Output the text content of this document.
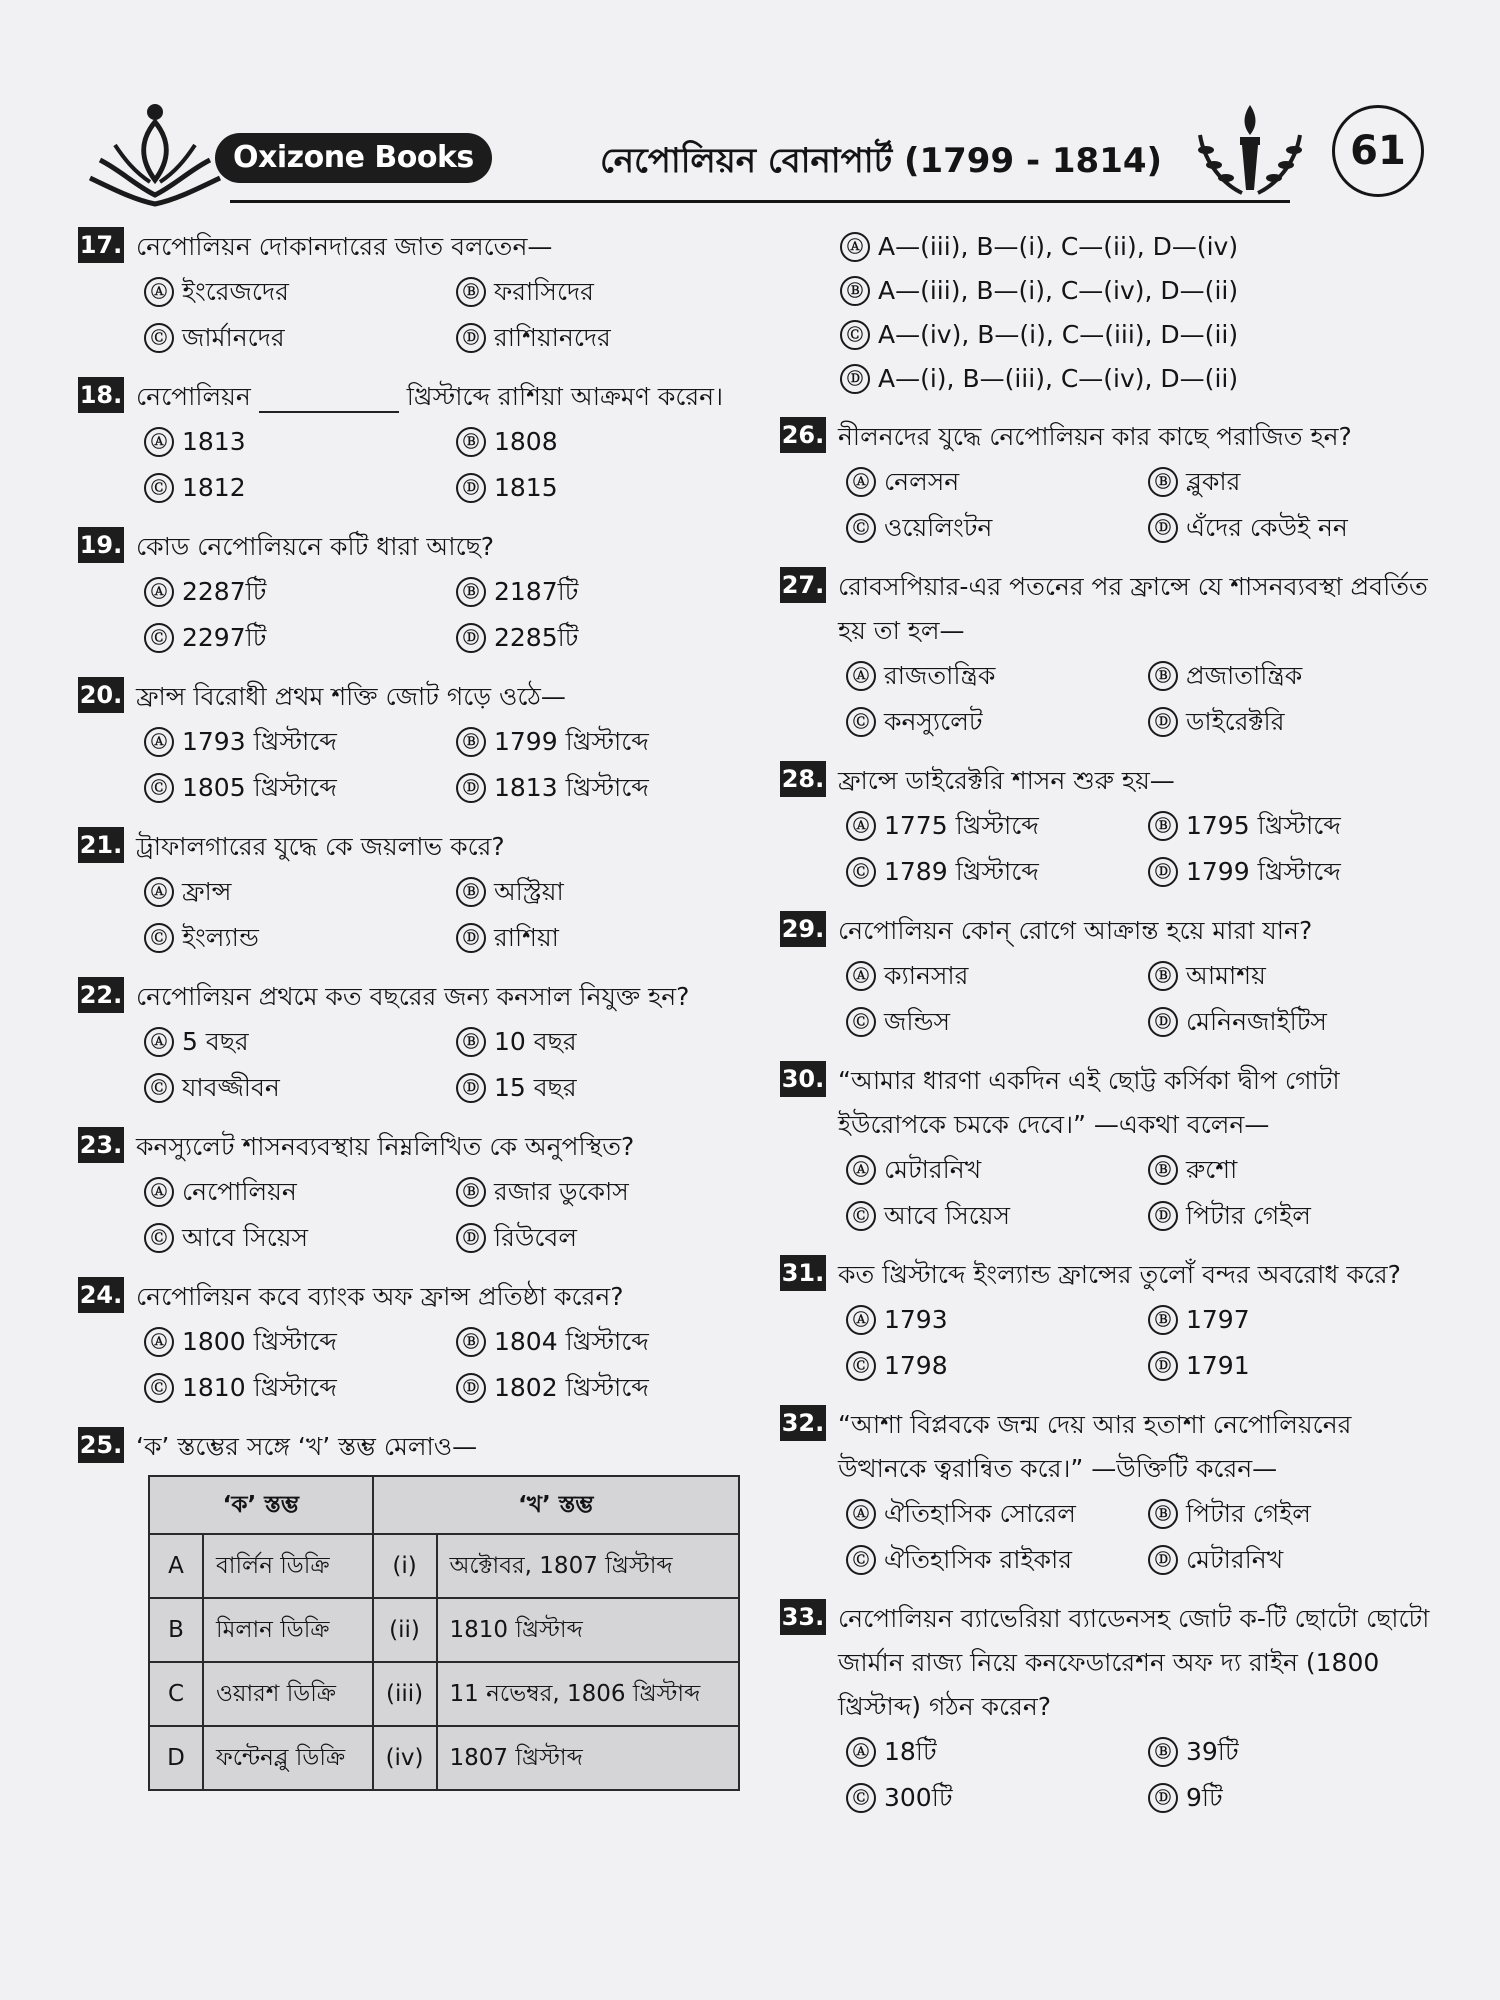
Oxizone Books	নেপোলিয়ন বোনাপার্ট (1799 - 1814)	61
17. নেপোলিয়ন দোকানদারের জাত বলতেন—
Ⓐ ইংরেজদের	Ⓑ ফরাসিদের
Ⓒ জার্মানদের	Ⓓ রাশিয়ানদের
18. নেপোলিয়ন	খ্রিস্টাব্দে রাশিয়া আক্রমণ করেন।
Ⓐ 1813	Ⓑ 1808
Ⓒ 1812	Ⓓ 1815
19. কোড নেপোলিয়নে কটি ধারা আছে?
Ⓐ 2287টি	Ⓑ 2187টি
Ⓒ 2297টি	Ⓓ 2285টি
20. ফ্রান্স বিরোধী প্রথম শক্তি জোট গড়ে ওঠে—
Ⓐ 1793 খ্রিস্টাব্দে	Ⓑ 1799 খ্রিস্টাব্দে
Ⓒ 1805 খ্রিস্টাব্দে	Ⓓ 1813 খ্রিস্টাব্দে
21. ট্রাফালগারের যুদ্ধে কে জয়লাভ করে?
Ⓐ ফ্রান্স	Ⓑ অস্ট্রিয়া
Ⓒ ইংল্যান্ড	Ⓓ রাশিয়া
22. নেপোলিয়ন প্রথমে কত বছরের জন্য কনসাল নিযুক্ত হন?
Ⓐ 5 বছর	Ⓑ 10 বছর
Ⓒ যাবজ্জীবন	Ⓓ 15 বছর
23. কনস্যুলেট শাসনব্যবস্থায় নিম্নলিখিত কে অনুপস্থিত?
Ⓐ নেপোলিয়ন	Ⓑ রজার ডুকোস
Ⓒ আবে সিয়েস	Ⓓ রিউবেল
24. নেপোলিয়ন কবে ব্যাংক অফ ফ্রান্স প্রতিষ্ঠা করেন?
Ⓐ 1800 খ্রিস্টাব্দে	Ⓑ 1804 খ্রিস্টাব্দে
Ⓒ 1810 খ্রিস্টাব্দে	Ⓓ 1802 খ্রিস্টাব্দে
25. ‘ক’ স্তম্ভের সঙ্গে ‘খ’ স্তম্ভ মেলাও—
‘ক’ স্তম্ভ		‘খ’ স্তম্ভ	
A	বার্লিন ডিক্রি	(i)	অক্টোবর, 1807 খ্রিস্টাব্দ
B	মিলান ডিক্রি	(ii)	1810 খ্রিস্টাব্দ
C	ওয়ারশ ডিক্রি	(iii)	11 নভেম্বর, 1806 খ্রিস্টাব্দ
D	ফন্টেনব্লু ডিক্রি	(iv)	1807 খ্রিস্টাব্দ
Ⓐ A—(iii), B—(i), C—(ii), D—(iv)
Ⓑ A—(iii), B—(i), C—(iv), D—(ii)
Ⓒ A—(iv), B—(i), C—(iii), D—(ii)
Ⓓ A—(i), B—(iii), C—(iv), D—(ii)
26. নীলনদের যুদ্ধে নেপোলিয়ন কার কাছে পরাজিত হন?
Ⓐ নেলসন	Ⓑ ব্লুকার
Ⓒ ওয়েলিংটন	Ⓓ এঁদের কেউই নন
27. রোবসপিয়ার-এর পতনের পর ফ্রান্সে যে শাসনব্যবস্থা প্রবর্তিত হয় তা হল—
Ⓐ রাজতান্ত্রিক	Ⓑ প্রজাতান্ত্রিক
Ⓒ কনস্যুলেট	Ⓓ ডাইরেক্টরি
28. ফ্রান্সে ডাইরেক্টরি শাসন শুরু হয়—
Ⓐ 1775 খ্রিস্টাব্দে	Ⓑ 1795 খ্রিস্টাব্দে
Ⓒ 1789 খ্রিস্টাব্দে	Ⓓ 1799 খ্রিস্টাব্দে
29. নেপোলিয়ন কোন্ রোগে আক্রান্ত হয়ে মারা যান?
Ⓐ ক্যানসার	Ⓑ আমাশয়
Ⓒ জন্ডিস	Ⓓ মেনিনজাইটিস
30. “আমার ধারণা একদিন এই ছোট্ট কর্সিকা দ্বীপ গোটা ইউরোপকে চমকে দেবে।” —একথা বলেন—
Ⓐ মেটারনিখ	Ⓑ রুশো
Ⓒ আবে সিয়েস	Ⓓ পিটার গেইল
31. কত খ্রিস্টাব্দে ইংল্যান্ড ফ্রান্সের তুলোঁ বন্দর অবরোধ করে?
Ⓐ 1793	Ⓑ 1797
Ⓒ 1798	Ⓓ 1791
32. “আশা বিপ্লবকে জন্ম দেয় আর হতাশা নেপোলিয়নের উত্থানকে ত্বরান্বিত করে।” —উক্তিটি করেন—
Ⓐ ঐতিহাসিক সোরেল	Ⓑ পিটার গেইল
Ⓒ ঐতিহাসিক রাইকার	Ⓓ মেটারনিখ
33. নেপোলিয়ন ব্যাভেরিয়া ব্যাডেনসহ জোট ক-টি ছোটো ছোটো জার্মান রাজ্য নিয়ে কনফেডারেশন অফ দ্য রাইন (1800 খ্রিস্টাব্দ) গঠন করেন?
Ⓐ 18টি	Ⓑ 39টি
Ⓒ 300টি	Ⓓ 9টি
